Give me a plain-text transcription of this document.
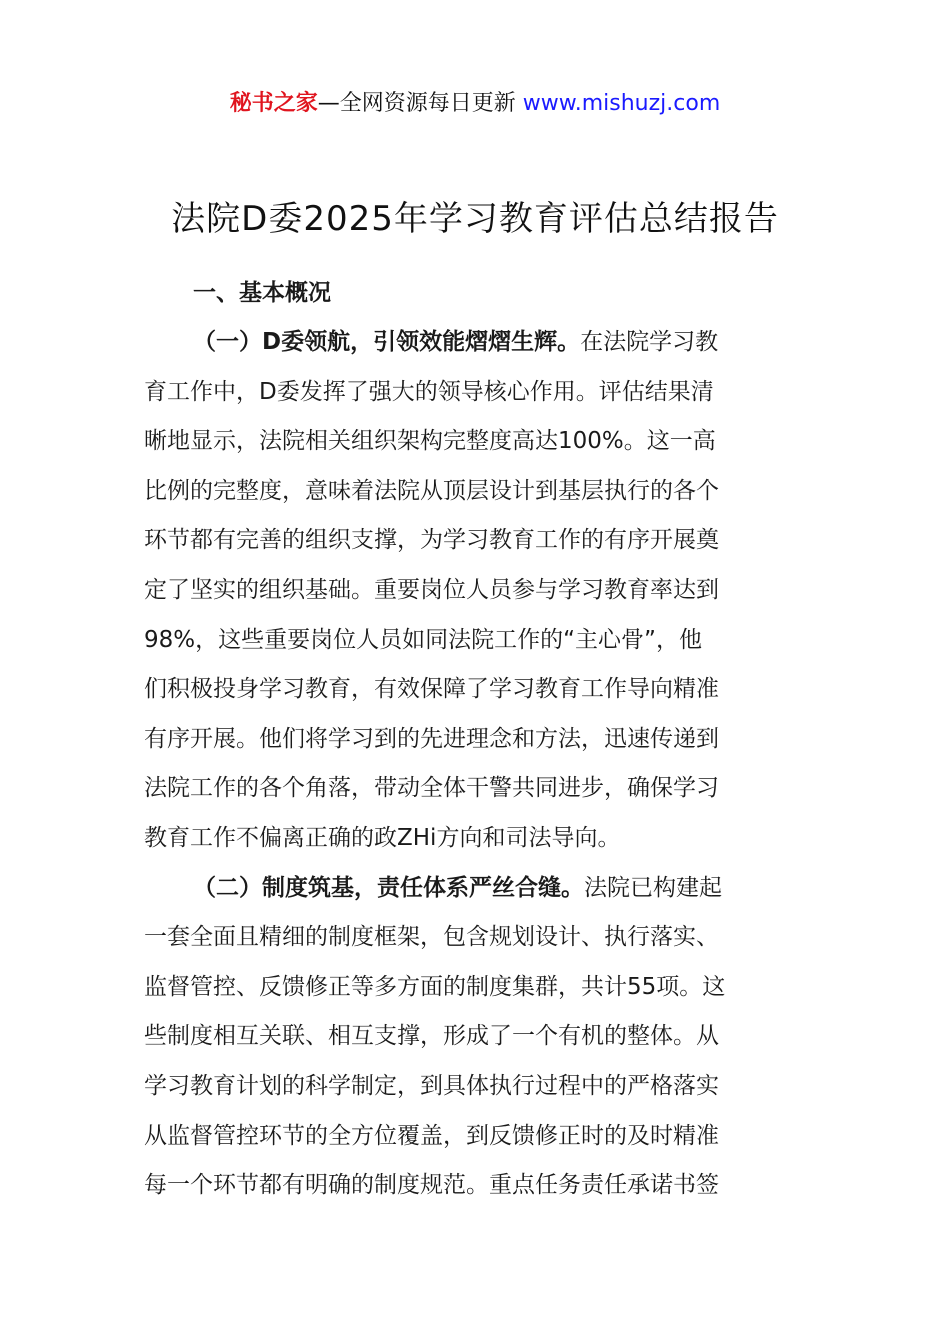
秘书之家—全网资源每日更新 www.mishuzj.com
法院D委2025年学习教育评估总结报告
一、基本概况
（一）D委领航，引领效能熠熠生辉。在法院学习教
育工作中，D委发挥了强大的领导核心作用。评估结果清
晰地显示，法院相关组织架构完整度高达100%。这一高
比例的完整度，意味着法院从顶层设计到基层执行的各个
环节都有完善的组织支撑，为学习教育工作的有序开展奠
定了坚实的组织基础。重要岗位人员参与学习教育率达到
98%，这些重要岗位人员如同法院工作的“主心骨”，他
们积极投身学习教育，有效保障了学习教育工作导向精准
有序开展。他们将学习到的先进理念和方法，迅速传递到
法院工作的各个角落，带动全体干警共同进步，确保学习
教育工作不偏离正确的政ZHi方向和司法导向。
（二）制度筑基，责任体系严丝合缝。法院已构建起
一套全面且精细的制度框架，包含规划设计、执行落实、
监督管控、反馈修正等多方面的制度集群，共计55项。这
些制度相互关联、相互支撑，形成了一个有机的整体。从
学习教育计划的科学制定，到具体执行过程中的严格落实
从监督管控环节的全方位覆盖，到反馈修正时的及时精准
每一个环节都有明确的制度规范。重点任务责任承诺书签
